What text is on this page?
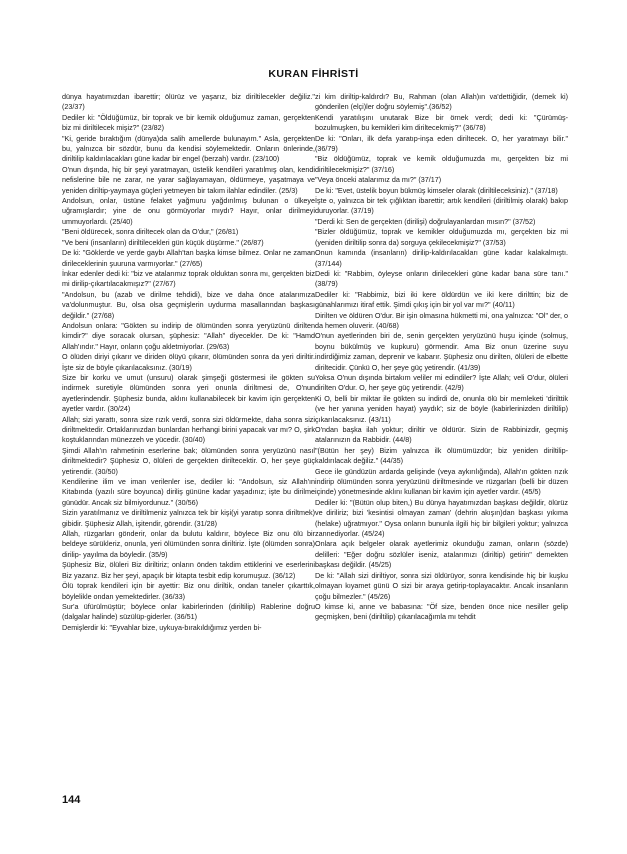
KURAN FİHRİSTİ

dünya hayatımızdan ibarettir; ölürüz ve yaşarız, biz diriltilecekler değiliz." (23/37)

Dediler ki: "Öldüğümüz, bir toprak ve bir kemik olduğumuz zaman, gerçekten biz mi diriltilecek mişiz?" (23/82)

"Ki, geride bıraktığım (dünya)da salih amellerde bulunayım." Asla, gerçekten bu, yalnızca bir sözdür, bunu da kendisi söylemektedir. Onların önlerinde, diriltilip kaldırılacakları güne kadar bir engel (berzah) vardır. (23/100)

O'nun dışında, hiç bir şeyi yaratmayan, üstelik kendileri yaratılmış olan, kendi nefislerine bile ne zarar, ne yarar sağlayamayan, öldürmeye, yaşatmaya ve yeniden diriltip-yaymaya güçleri yetmeyen bir takım ilahlar edindiler. (25/3)

Andolsun, onlar, üstüne felaket yağmuru yağdırılmış bulunan o ülkeye uğramışlardır; yine de onu görmüyorlar mıydı? Hayır, onlar dirilmeyi ummuyorlardı. (25/40)

"Beni öldürecek, sonra diriltecek olan da O'dur," (26/81)

"Ve beni (insanların) diriltilecekleri gün küçük düşürme." (26/87)

De ki: "Göklerde ve yerde gaybı Allah'tan başka kimse bilmez. Onlar ne zaman dirileceklerinin şuuruna varmıyorlar." (27/65)

İnkar edenler dedi ki: "biz ve atalarımız toprak olduktan sonra mı, gerçekten biz mi dirilip-çıkartılacakmışız?" (27/67)

"Andolsun, bu (azab ve dirilme tehdidi), bize ve daha önce atalarımıza va'dolunmuştur. Bu, olsa olsa geçmişlerin uydurma masallarından başkası değildir." (27/68)

Andolsun onlara: "Gökten su indirip de ölümünden sonra yeryüzünü dirilten kimdir?" diye soracak olursan, şüphesiz: "Allah" diyecekler. De ki: "Hamd Allah'ındır." Hayır, onların çoğu akletmiyorlar. (29/63)

O ölüden diriyi çıkarır ve diriden ölüyü çıkarır, ölümünden sonra da yeri diriltir. İşte siz de böyle çıkarılacaksınız. (30/19)

Size bir korku ve umut (unsuru) olarak şimşeği göstermesi ile gökten su indirmek suretiyle ölümünden sonra yeri onunla diriltmesi de, O'nun ayetlerindendir. Şüphesiz bunda, aklını kullanabilecek bir kavim için gerçekten ayetler vardır. (30/24)

Allah; sizi yarattı, sonra size rızık verdi, sonra sizi öldürmekte, daha sonra sizi diriltmektedir. Ortaklarınızdan bunlardan herhangi birini yapacak var mı? O, şirk koştuklarından münezzeh ve yücedir. (30/40)

Şimdi Allah'ın rahmetinin eserlerine bak; ölümünden sonra yeryüzünü nasıl diriltmektedir? Şüphesiz O, ölüleri de gerçekten diriltecektir. O, her şeye güç yetirendir. (30/50)

Kendilerine ilim ve iman verilenler ise, dediler ki: "Andolsun, siz Allah'ın Kitabında (yazılı süre boyunca) diriliş gününe kadar yaşadınız; işte bu dirilme günüdür. Ancak siz bilmiyordunuz." (30/56)

Sizin yaratılmanız ve diriltilmeniz yalnızca tek bir kişi(yi yaratıp sonra diriltmek) gibidir. Şüphesiz Allah, işitendir, görendir. (31/28)

Allah, rüzgarları gönderir, onlar da bulutu kaldırır, böylece Biz onu ölü bir beldeye sürükleriz, onunla, yeri ölümünden sonra diriltiriz. İşte (ölümden sonra) dirilip- yayılma da böyledir. (35/9)

Şüphesiz Biz, ölüleri Biz diriltiriz; onların önden takdim ettiklerini ve eserlerini Biz yazarız. Biz her şeyi, apaçık bir kitapta tesbit edip korumuşuz. (36/12)

Ölü toprak kendileri için bir ayettir: Biz onu diriltik, ondan taneler çıkarttık, böylelikle ondan yemektedirler. (36/33)

Sur'a üfürülmüştür; böylece onlar kabirlerinden (diriltilip) Rablerine doğru (dalgalar halinde) süzülüp-giderler. (36/51)

Demişlerdir ki: "Eyvahlar bize, uykuya-bırakıldığımız yerden bi-

zi kim diriltip-kaldırdı? Bu, Rahman (olan Allah)ın va'dettiğidir, (demek ki) gönderilen (elçi)ler doğru söylemiş".(36/52)

Kendi yaratılışını unutarak Bize bir örnek verdi; dedi ki: "Çürümüş-bozulmuşken, bu kemikleri kim diriltecekmiş?" (36/78)

De ki: "Onları, ilk defa yaratıp-inşa eden diriltecek. O, her yaratmayı bilir." (36/79)

"Biz öldüğümüz, toprak ve kemik olduğumuzda mı, gerçekten biz mi diriltilecekmişiz?" (37/16)

"Veya önceki atalarımız da mı?" (37/17)

De ki: "Evet, üstelik boyun bükmüş kimseler olarak (diriltileceksiniz)." (37/18)

İşte o, yalnızca bir tek çığlıktan ibarettir; artık kendileri (diriltilmiş olarak) bakıp duruyorlar. (37/19)

"Derdi ki: Sen de gerçekten (dirilişi) doğrulayanlardan mısın?" (37/52)

"Bizler öldüğümüz, toprak ve kemikler olduğumuzda mı, gerçekten biz mi (yeniden diriltilip sonra da) sorguya çekilecekmişiz?" (37/53)

Onun kamında (insanların) dirilip-kaldırılacakları güne kadar kalakalmıştı. (37/144)

Dedi ki: "Rabbim, öyleyse onların dirilecekleri güne kadar bana süre tanı." (38/79)

Dediler ki: "Rabbimiz, bizi iki kere öldürdün ve iki kere dirilttin; biz de günahlarımızı itiraf ettik. Şimdi çıkış için bir yol var mı?" (40/11)

Dirilten ve öldüren O'dur. Bir işin olmasına hükmetti mi, ona yalnızca: "Ol" der, o da hemen oluverir. (40/68)

O'nun ayetlerinden biri de, senin gerçekten yeryüzünü huşu içinde (solmuş, boynu bükülmüş ve kupkuru) görmendir. Ama Biz onun üzerine suyu indirdiğimiz zaman, deprenir ve kabarır. Şüphesiz onu dirilten, ölüleri de elbette diriltecidir. Çünkü O, her şeye güç yetirendir. (41/39)

Yoksa O'nun dışında birtakım veliler mi edindiler? İşte Allah; veli O'dur, ölüleri dirilten O'dur. O, her şeye güç yetirendir. (42/9)

Ki O, belli bir miktar ile gökten su indirdi de, onunla ölü bir memleketi 'dirilttik (ve her yanına yeniden hayat) yaydık'; siz de böyle (kabirlerinizden diriltilip) çıkarılacaksınız. (43/11)

O'ndan başka ilah yoktur; diriltir ve öldürür. Sizin de Rabbinizdir, geçmiş atalarınızın da Rabbidir. (44/8)

"(Bütün her şey) Bizim yalnızca ilk ölümümüzdür; biz yeniden diriltilip-kaldırılacak değiliz." (44/35)

Gece ile gündüzün ardarda gelişinde (veya aykırılığında), Allah'ın gökten rızık indirip ölümünden sonra yeryüzünü diriltmesinde ve rüzgarları (belli bir düzen içinde) yönetmesinde aklını kullanan bir kavim için ayetler vardır. (45/5)

Dediler ki: "(Bütün olup biten,) Bu dünya hayatımızdan başkası değildir, ölürüz ve diriliriz; bizi 'kesintisi olmayan zaman' (dehrin akışın)dan başkası yıkıma (helake) uğratmıyor." Oysa onların bununla ilgili hiç bir bilgileri yoktur; yalnızca zannediyorlar. (45/24)

Onlara açık belgeler olarak ayetlerimiz okunduğu zaman, onların (sözde) delilleri: "Eğer doğru sözlüler iseniz, atalarımızı (diriltip) getirin" demekten başkası değildir. (45/25)

De ki: "Allah sizi diriltiyor, sonra sizi öldürüyor, sonra kendisinde hiç bir kuşku olmayan kıyamet günü O sizi bir araya getirip-toplayacaktır. Ancak insanların çoğu bilmezler." (45/26)

O kimse ki, anne ve babasına: "Öf size, benden önce nice nesiller gelip geçmişken, beni (diriltilip) çıkarılacağımla mı tehdit

144
